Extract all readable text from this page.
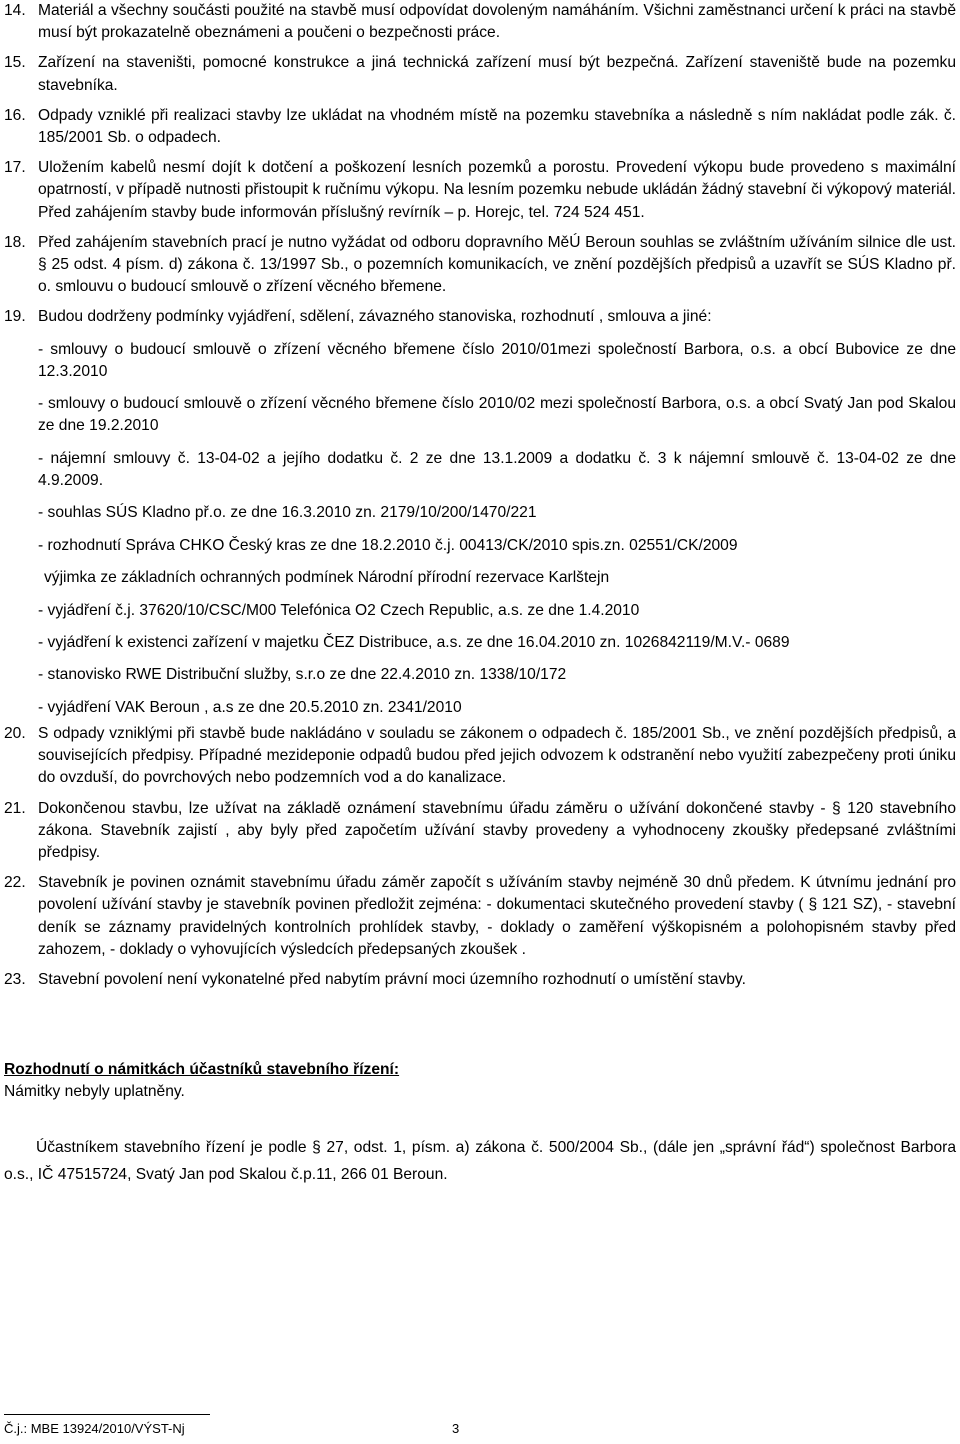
14. Materiál a všechny součásti použité na stavbě musí odpovídat dovoleným namáháním. Všichni zaměstnanci určení k práci na stavbě musí být prokazatelně obeznámeni a poučeni o bezpečnosti práce.
15. Zařízení na staveništi, pomocné konstrukce a jiná technická zařízení musí být bezpečná. Zařízení staveniště bude na pozemku stavebníka.
16. Odpady vzniklé při realizaci stavby lze ukládat na vhodném místě na pozemku stavebníka a následně s ním nakládat podle zák. č. 185/2001 Sb. o odpadech.
17. Uložením kabelů nesmí dojít k dotčení a poškození lesních pozemků a porostu. Provedení výkopu bude provedeno s maximální opatrností, v případě nutnosti přistoupit k ručnímu výkopu. Na lesním pozemku nebude ukládán žádný stavební či výkopový materiál. Před zahájením stavby bude informován příslušný revírník – p. Horejc, tel. 724 524 451.
18. Před zahájením stavebních prací je nutno vyžádat od odboru dopravního MěÚ Beroun souhlas se zvláštním užíváním silnice dle ust. § 25 odst. 4 písm. d) zákona č. 13/1997 Sb., o pozemních komunikacích, ve znění pozdějších předpisů a uzavřít se SÚS Kladno př. o. smlouvu o budoucí smlouvě o zřízení věcného břemene.
19. Budou dodrženy podmínky vyjádření, sdělení, závazného stanoviska, rozhodnutí , smlouva a jiné:

- smlouvy o budoucí smlouvě o zřízení věcného břemene číslo 2010/01mezi společností Barbora, o.s. a obcí Bubovice ze dne 12.3.2010

- smlouvy o budoucí smlouvě o zřízení věcného břemene číslo 2010/02 mezi společností Barbora, o.s. a obcí Svatý Jan pod Skalou ze dne 19.2.2010

- nájemní smlouvy č. 13-04-02 a jejího dodatku č. 2 ze dne 13.1.2009 a dodatku č. 3 k nájemní smlouvě č. 13-04-02 ze dne 4.9.2009.

- souhlas SÚS Kladno př.o. ze dne 16.3.2010 zn. 2179/10/200/1470/221

- rozhodnutí Správa CHKO Český kras ze dne 18.2.2010 č.j. 00413/CK/2010 spis.zn. 02551/CK/2009

výjimka ze základních ochranných podmínek Národní přírodní rezervace Karlštejn

- vyjádření č.j. 37620/10/CSC/M00 Telefónica O2 Czech Republic, a.s. ze dne 1.4.2010

- vyjádření k existenci zařízení v majetku ČEZ Distribuce, a.s. ze dne 16.04.2010 zn. 1026842119/M.V.- 0689

- stanovisko RWE Distribuční služby, s.r.o ze dne 22.4.2010 zn. 1338/10/172

- vyjádření VAK Beroun , a.s ze dne 20.5.2010 zn. 2341/2010

20. S odpady vzniklými při stavbě bude nakládáno v souladu se zákonem o odpadech č. 185/2001 Sb., ve znění pozdějších předpisů, a souvisejících předpisy. Případné mezideponie odpadů budou před jejich odvozem k odstranění nebo využití zabezpečeny proti úniku do ovzduší, do povrchových nebo podzemních vod a do kanalizace.
21. Dokončenou stavbu, lze užívat na základě oznámení stavebnímu úřadu záměru o užívání dokončené stavby - § 120 stavebního zákona. Stavebník zajistí , aby byly před započetím užívání stavby provedeny a vyhodnoceny zkoušky předepsané zvláštními předpisy.
22. Stavebník je povinen oznámit stavebnímu úřadu záměr započít s užíváním stavby nejméně 30 dnů předem. K útvnímu jednání pro povolení užívání stavby je stavebník povinen předložit zejména: - dokumentaci skutečného provedení stavby ( § 121 SZ), - stavební deník se záznamy pravidelných kontrolních prohlídek stavby, - doklady o zaměření výškopisném a polohopisném stavby před zahozem, - doklady o vyhovujících výsledcích předepsaných zkoušek .
23. Stavební povolení není vykonatelné před nabytím právní moci územního rozhodnutí o umístění stavby.

Rozhodnutí o námitkách účastníků stavebního řízení:

Námitky nebyly uplatněny.

Účastníkem stavebního řízení je podle § 27, odst. 1, písm. a) zákona č. 500/2004 Sb., (dále jen „správní řád“) společnost Barbora o.s., IČ 47515724, Svatý Jan pod Skalou č.p.11, 266 01 Beroun.

Č.j.: MBE 13924/2010/VÝST-Nj	3
